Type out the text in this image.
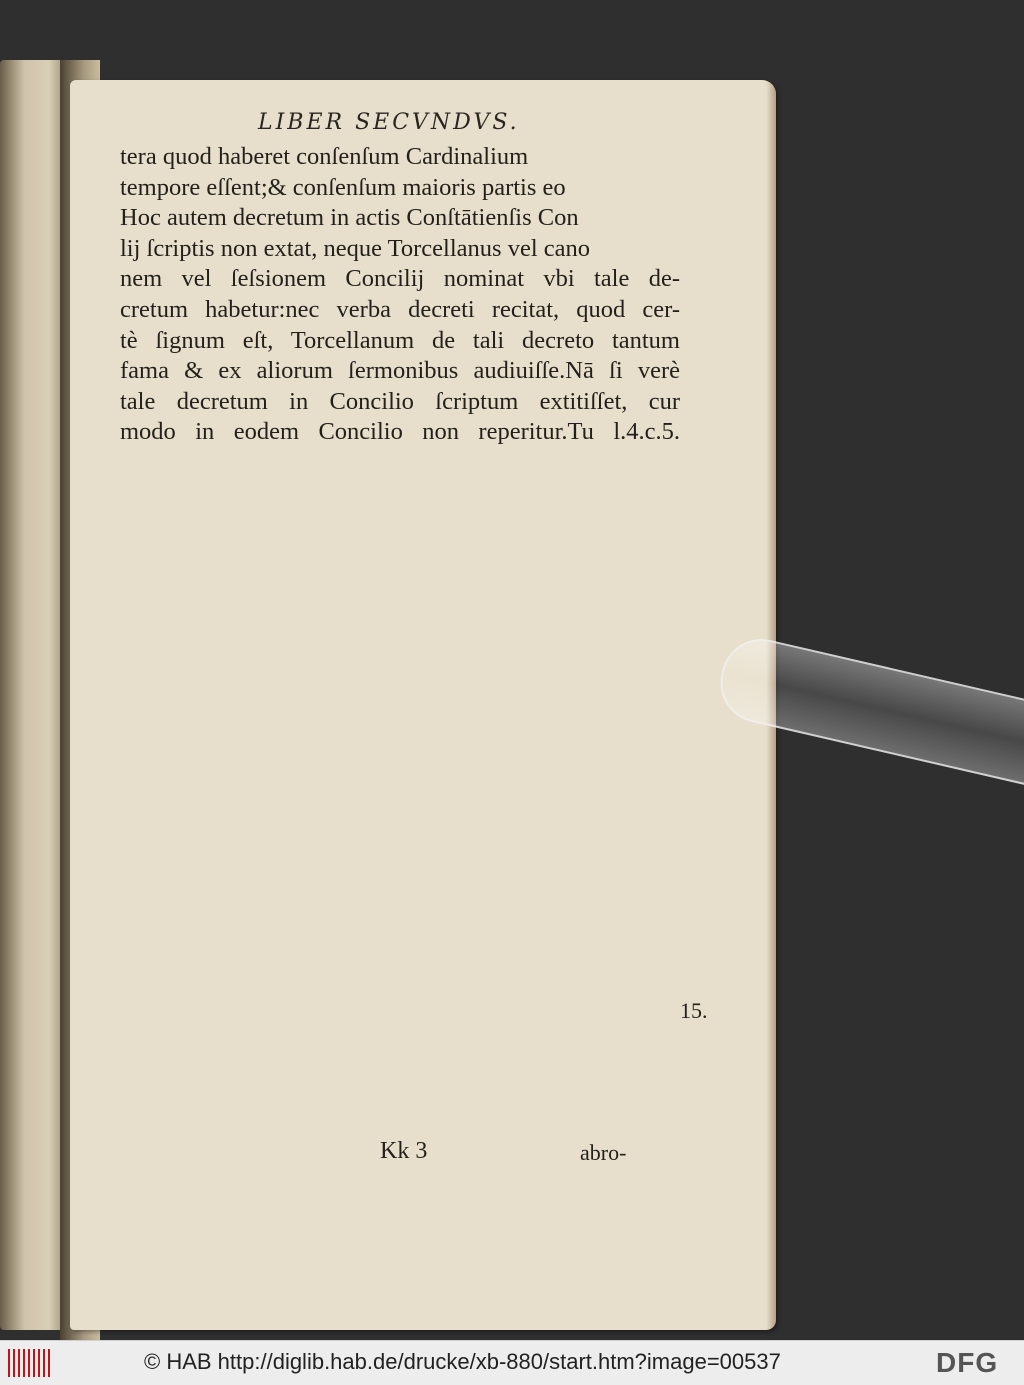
LIBER SECVNDVS.
tera quod haberet conſenſum Cardinalium
tempore eſſent;& conſenſum maioris partis eo
Hoc autem decretum in actis Conſtātienſis Con
lij ſcriptis non extat, neque Torcellanus vel cano
nem vel ſeſsionem Concilij nominat vbi tale de-
cretum habetur:nec verba decreti recitat, quod cer-
tè ſignum eſt, Torcellanum de tali decreto tantum
fama & ex aliorum ſermonibus audiuiſſe.Nā ſi verè
tale decretum in Concilio ſcriptum extitiſſet, cur
modo in eodem Concilio non reperitur.Tu l.4.c.5.
15.
Kk 3	abro-
© HAB http://diglib.hab.de/drucke/xb-880/start.htm?image=00537	DFG
